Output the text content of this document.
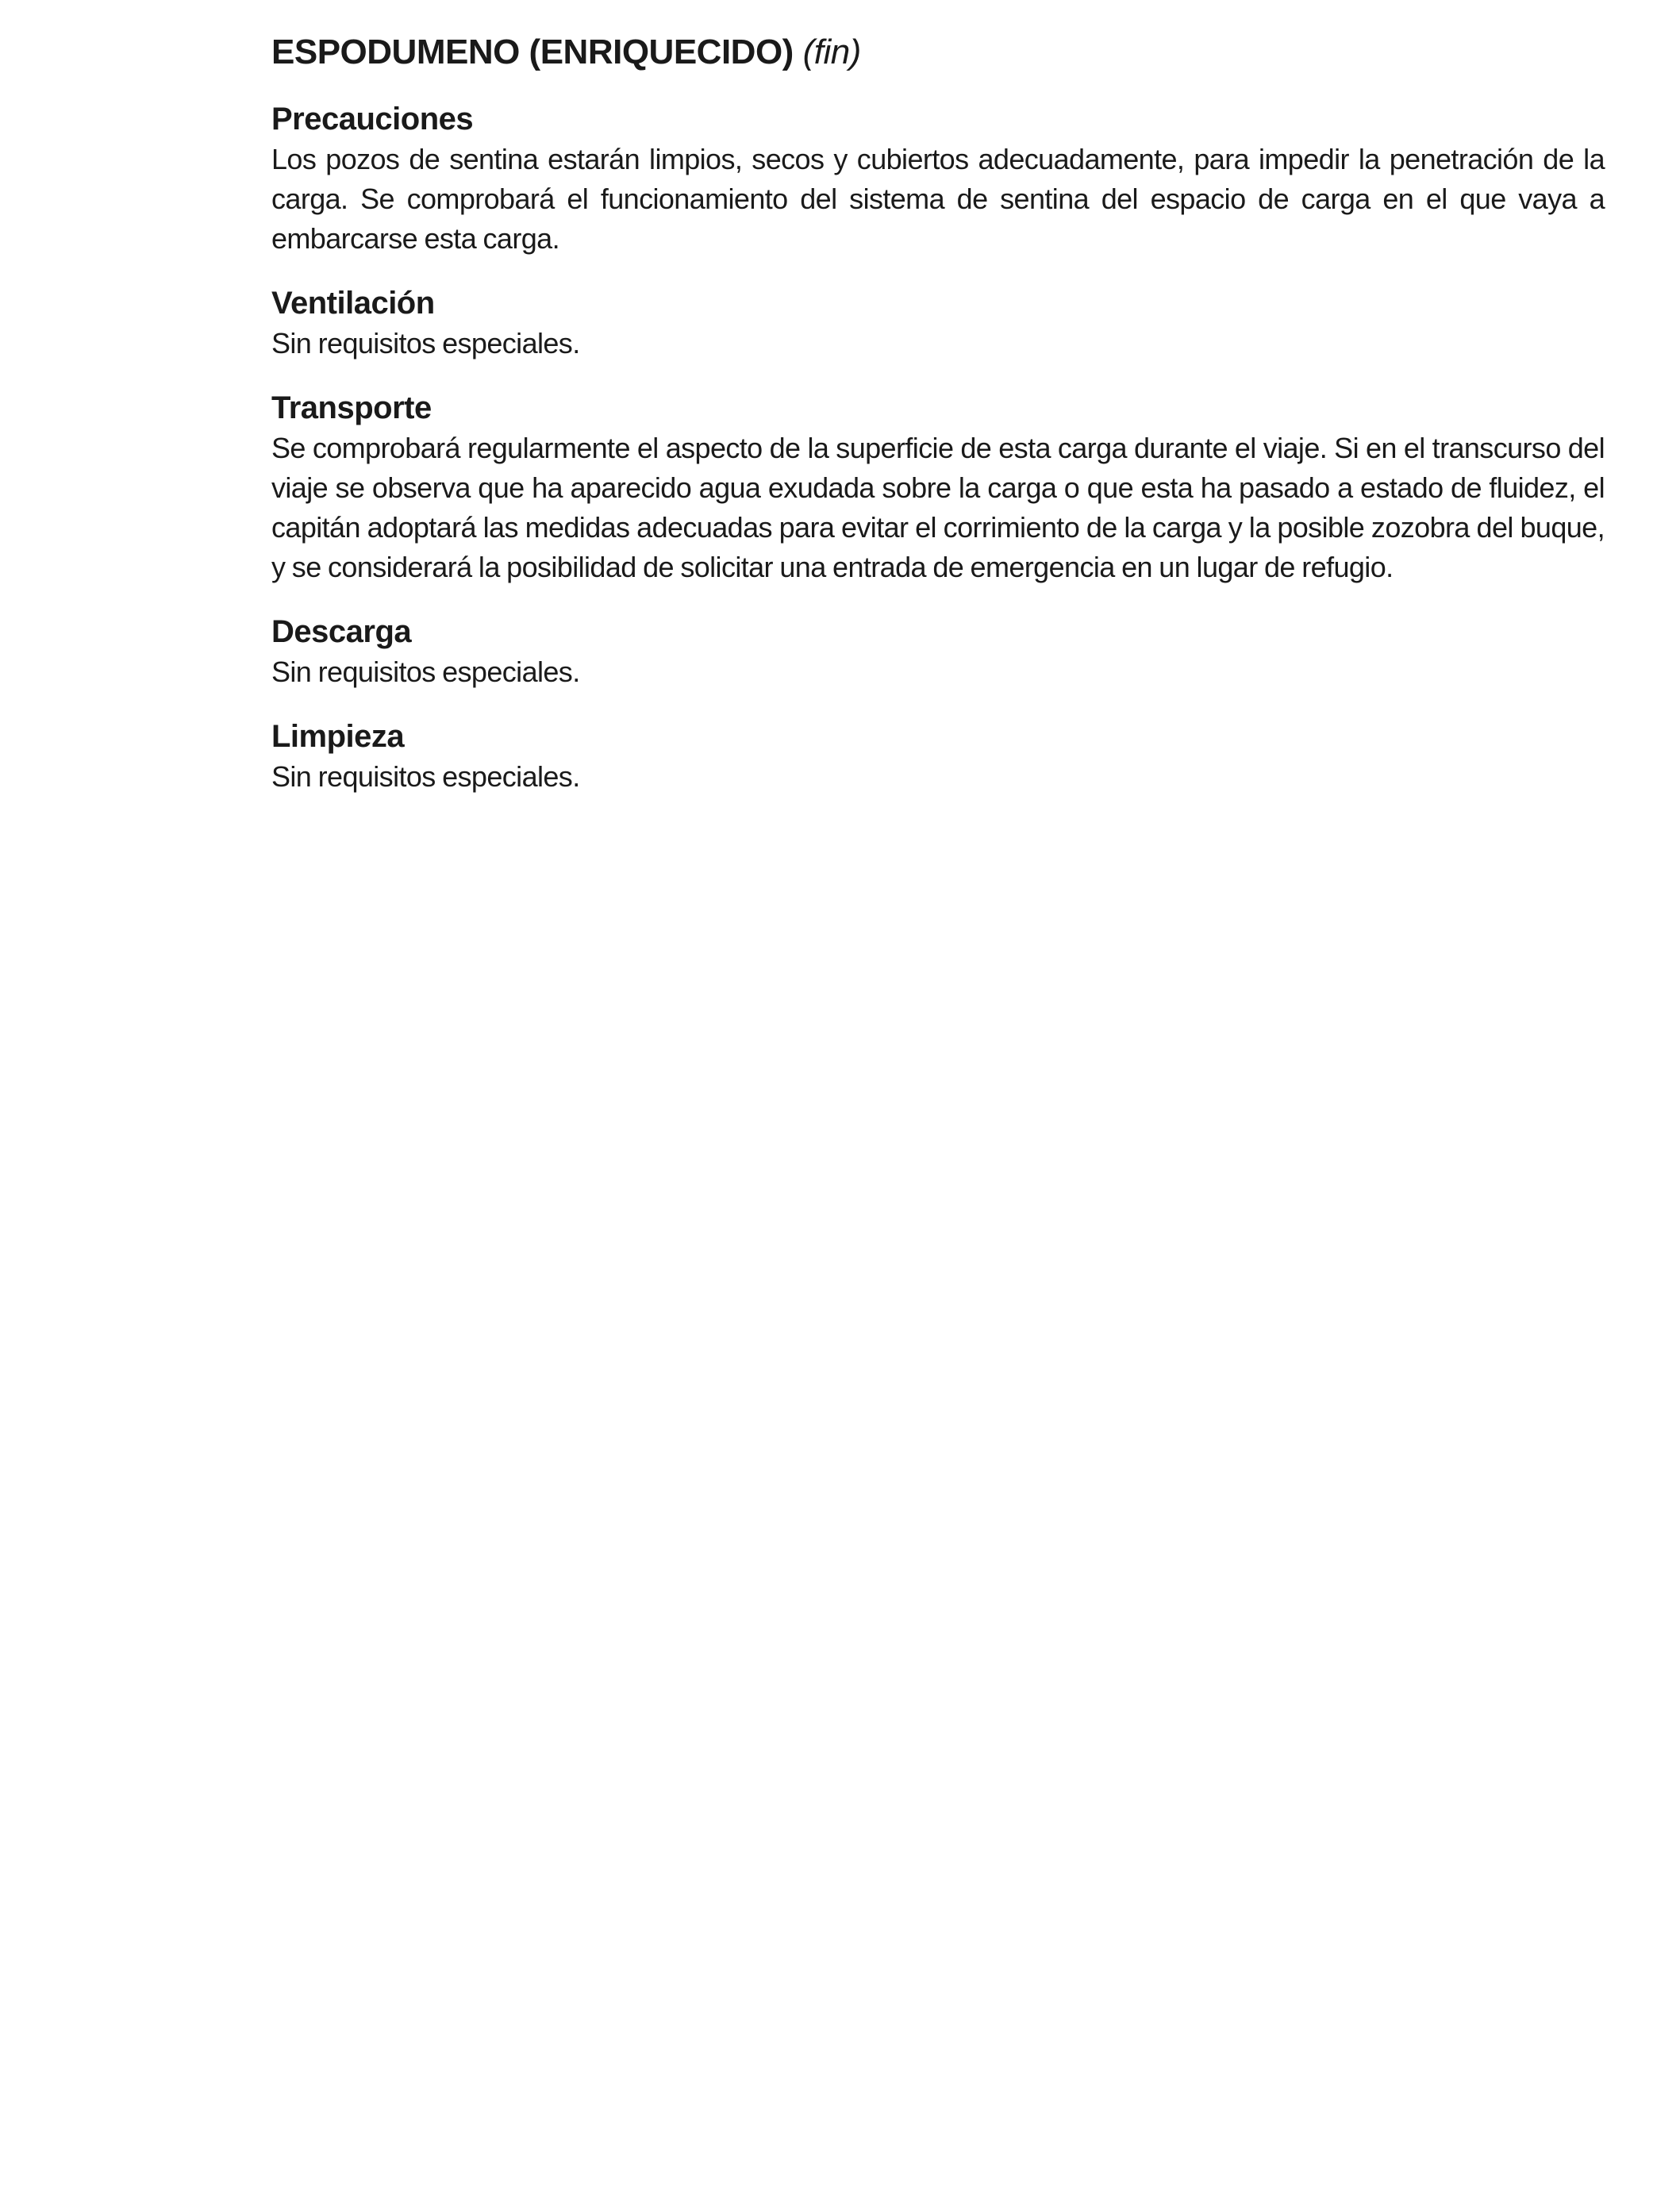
ESPODUMENO (ENRIQUECIDO) (fin)
Precauciones

Los pozos de sentina estarán limpios, secos y cubiertos adecuadamente, para impedir la penetración de la carga. Se comprobará el funcionamiento del sistema de sentina del espacio de carga en el que vaya a embarcarse esta carga.

Ventilación

Sin requisitos especiales.

Transporte

Se comprobará regularmente el aspecto de la superficie de esta carga durante el viaje. Si en el transcurso del viaje se observa que ha aparecido agua exudada sobre la carga o que esta ha pasado a estado de fluidez, el capitán adoptará las medidas adecuadas para evitar el corrimiento de la carga y la posible zozobra del buque, y se considerará la posibilidad de solicitar una entrada de emergencia en un lugar de refugio.

Descarga

Sin requisitos especiales.

Limpieza

Sin requisitos especiales.
